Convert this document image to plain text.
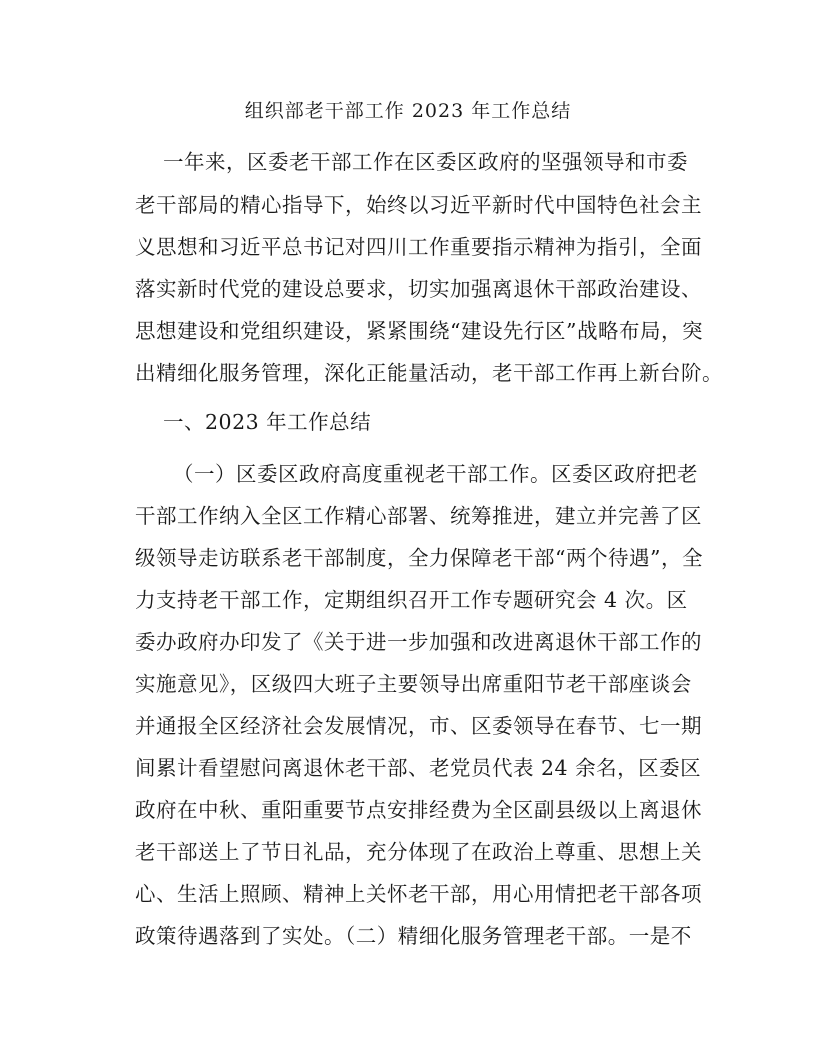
组织部老干部工作 2023 年工作总结
一年来，区委老干部工作在区委区政府的坚强领导和市委
老干部局的精心指导下，始终以习近平新时代中国特色社会主
义思想和习近平总书记对四川工作重要指示精神为指引，全面
落实新时代党的建设总要求，切实加强离退休干部政治建设、
思想建设和党组织建设，紧紧围绕“建设先行区”战略布局，突
出精细化服务管理，深化正能量活动，老干部工作再上新台阶。
一、2023 年工作总结
（一）区委区政府高度重视老干部工作。区委区政府把老
干部工作纳入全区工作精心部署、统筹推进，建立并完善了区
级领导走访联系老干部制度，全力保障老干部“两个待遇”，全
力支持老干部工作，定期组织召开工作专题研究会 4 次。区
委办政府办印发了《关于进一步加强和改进离退休干部工作的
实施意见》，区级四大班子主要领导出席重阳节老干部座谈会
并通报全区经济社会发展情况，市、区委领导在春节、七一期
间累计看望慰问离退休老干部、老党员代表 24 余名，区委区
政府在中秋、重阳重要节点安排经费为全区副县级以上离退休
老干部送上了节日礼品，充分体现了在政治上尊重、思想上关
心、生活上照顾、精神上关怀老干部，用心用情把老干部各项
政策待遇落到了实处。（二）精细化服务管理老干部。一是不
